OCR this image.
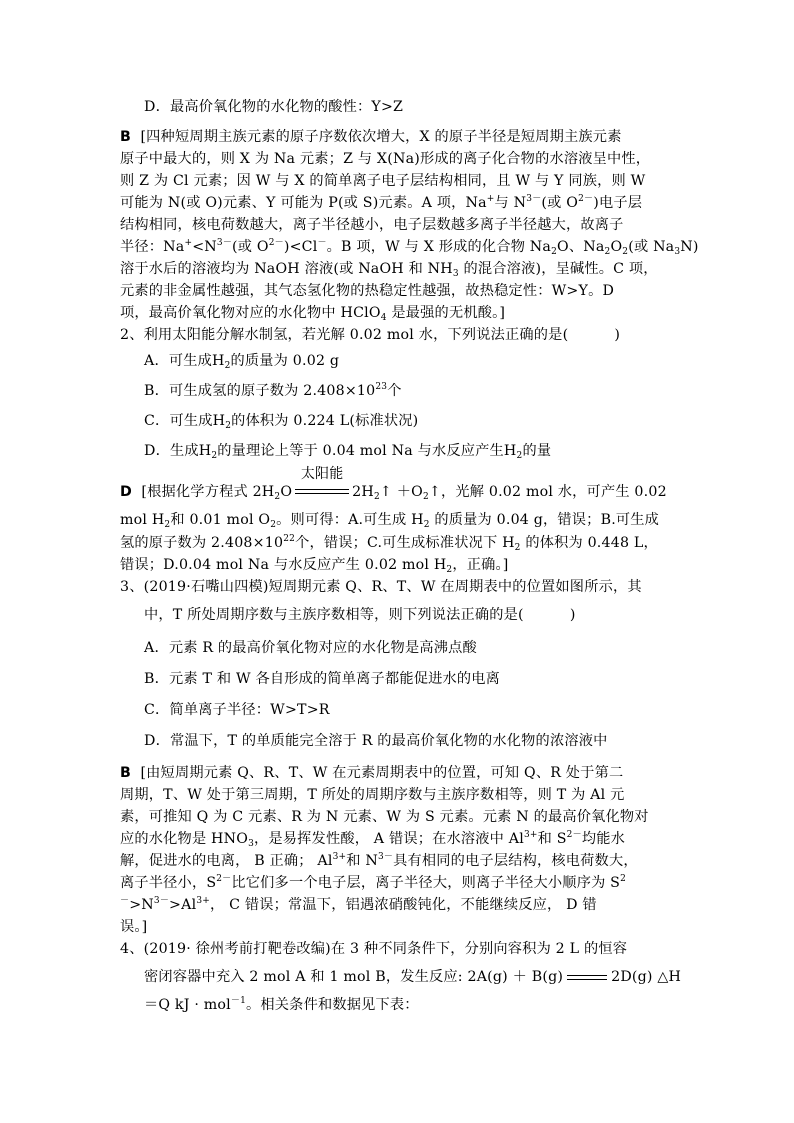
D．最高价氧化物的水化物的酸性：Y>Z
B [四种短周期主族元素的原子序数依次增大，X 的原子半径是短周期主族元素
原子中最大的，则 X 为 Na 元素；Z 与 X(Na)形成的离子化合物的水溶液呈中性，
则 Z 为 Cl 元素；因 W 与 X 的简单离子电子层结构相同，且 W 与 Y 同族，则 W
可能为 N(或 O)元素、Y 可能为 P(或 S)元素。A 项，Na+与 $N^{3-}$(或 $O^{2-}$)电子层
结构相同，核电荷数越大，离子半径越小，电子层数越多离子半径越大，故离子
半径：$Na^+<N^{3-}$(或 $O^{2-})<Cl^-$。B 项，W 与 X 形成的化合物 $Na_2O$、$Na_2O_2$(或 $Na_3N$)
溶于水后的溶液均为 NaOH 溶液(或 NaOH 和 $NH_3$ 的混合溶液)，呈碱性。C 项，
元素的非金属性越强，其气态氢化物的热稳定性越强，故热稳定性：W>Y。D
项，最高价氧化物对应的水化物中 HClO$_4$ 是最强的无机酸。]
2、利用太阳能分解水制氢，若光解 0.02 mol 水，下列说法正确的是(	)
A．可生成$H_2$的质量为 0.02 g
B．可生成氢的原子数为 $2.408\times 10^{23}$个
C．可生成$H_2$的体积为 0.224 L(标准状况)
D．生成$H_2$的量理论上等于 0.04 mol Na 与水反应产生$H_2$的量
D [根据化学方程式 $2H_2O$
太阳能
$2H_2↑$ $+O_2↑$，光解 0.02 mol 水，可产生 0.02
mol $H_2$和 0.01 mol $O_2$。则可得：A.可生成 $H_2$ 的质量为 0.04 g，错误；B.可生成
氢的原子数为 $2.408\times 10^{22}$个，错误；C.可生成标准状况下 $H_2$ 的体积为 0.448 L，
错误；D.0.04 mol Na 与水反应产生 0.02 mol $H_2$，正确。]
3、(2019·石嘴山四模)短周期元素 Q、R、T、W 在周期表中的位置如图所示，其
中，T 所处周期序数与主族序数相等，则下列说法正确的是(	)
A．元素 R 的最高价氧化物对应的水化物是高沸点酸
B．元素 T 和 W 各自形成的简单离子都能促进水的电离
C．简单离子半径：W>T>R
D．常温下，T 的单质能完全溶于 R 的最高价氧化物的水化物的浓溶液中
B [由短周期元素 Q、R、T、W 在元素周期表中的位置，可知 Q、R 处于第二
周期，T、W 处于第三周期，T 所处的周期序数与主族序数相等，则 T 为 Al 元
素，可推知 Q 为 C 元素、R 为 N 元素、W 为 S 元素。元素 N 的最高价氧化物对
应的水化物是 $HNO_3$，是易挥发性酸， A 错误；在水溶液中 $Al^{3+}$和 $S^{2-}$均能水
解，促进水的电离， B 正确； $Al^{3+}$和 $N^{3-}$具有相同的电子层结构，核电荷数大，
离子半径小，$S^{2-}$比它们多一个电子层，离子半径大，则离子半径大小顺序为 $S^2$
$^->N^{3-}>Al^{3+}$， C 错误；常温下，铝遇浓硝酸钝化，不能继续反应， D 错
误。]
4、(2019· 徐州考前打靶卷改编)在 3 种不同条件下，分别向容积为 2 L 的恒容
密闭容器中充入 2 mol A 和 1 mol B，发生反应: 2A(g) ＋ B(g)	2D(g) △H
＝Q kJ · mol$^{-1}$。相关条件和数据见下表：
